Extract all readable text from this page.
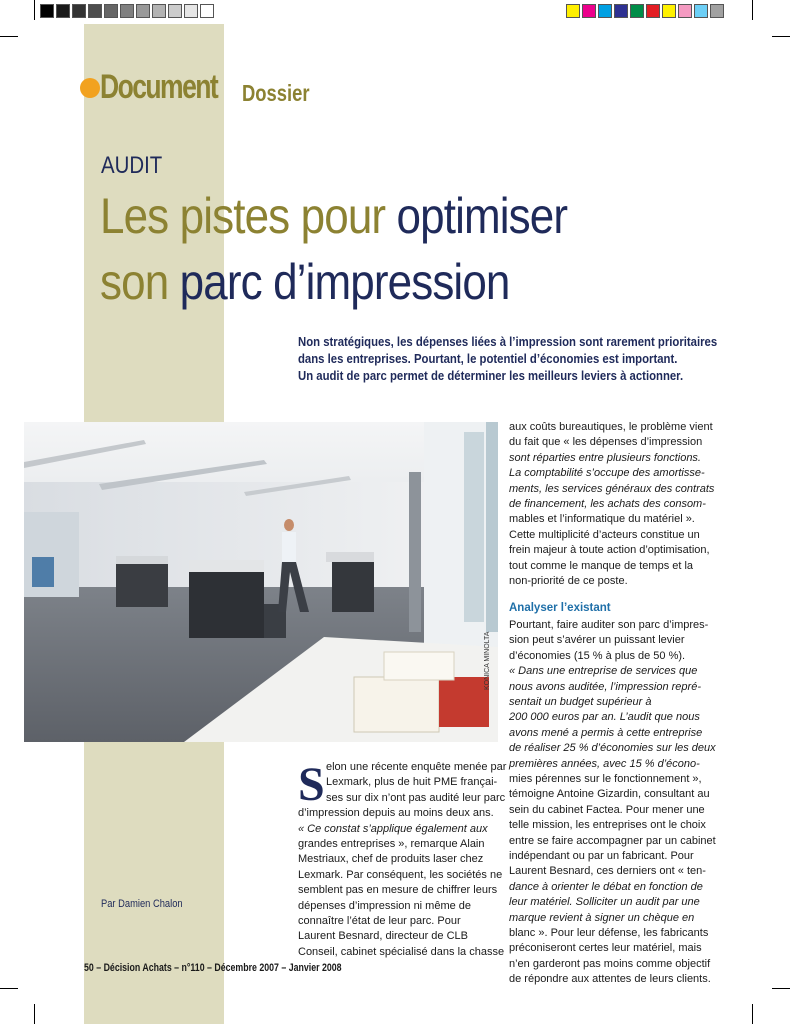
Document Dossier
AUDIT
Les pistes pour optimiser
son parc d’impression
Non stratégiques, les dépenses liées à l’impression sont rarement prioritaires
dans les entreprises. Pourtant, le potentiel d’économies est important.
Un audit de parc permet de déterminer les meilleurs leviers à actionner.
KONICA MINOLTA
S elon une récente enquête menée par

Lexmark, plus de huit PME françai-

ses sur dix n’ont pas audité leur parc

d’impression depuis au moins deux ans.

« Ce constat s’applique également aux

grandes entreprises », remarque Alain

Mestriaux, chef de produits laser chez

Lexmark. Par conséquent, les sociétés ne

semblent pas en mesure de chiffrer leurs

dépenses d’impression ni même de

connaître l’état de leur parc. Pour

Laurent Besnard, directeur de CLB

Conseil, cabinet spécialisé dans la chasse

aux coûts bureautiques, le problème vient

du fait que « les dépenses d’impression

sont réparties entre plusieurs fonctions.

La comptabilité s’occupe des amortisse-

ments, les services généraux des contrats

de financement, les achats des consom-

mables et l’informatique du matériel ».

Cette multiplicité d’acteurs constitue un

frein majeur à toute action d’optimisation,

tout comme le manque de temps et la

non-priorité de ce poste.

Analyser l’existant

Pourtant, faire auditer son parc d’impres-

sion peut s’avérer un puissant levier

d’économies (15 % à plus de 50 %).

« Dans une entreprise de services que

nous avons auditée, l’impression repré-

sentait un budget supérieur à

200 000 euros par an. L’audit que nous

avons mené a permis à cette entreprise

de réaliser 25 % d’économies sur les deux

premières années, avec 15 % d’écono-

mies pérennes sur le fonctionnement »,

témoigne Antoine Gizardin, consultant au

sein du cabinet Factea. Pour mener une

telle mission, les entreprises ont le choix

entre se faire accompagner par un cabinet

indépendant ou par un fabricant. Pour

Laurent Besnard, ces derniers ont « ten-

dance à orienter le débat en fonction de

leur matériel. Solliciter un audit par une

marque revient à signer un chèque en

blanc ». Pour leur défense, les fabricants

préconiseront certes leur matériel, mais

n’en garderont pas moins comme objectif

de répondre aux attentes de leurs clients.

Par Damien Chalon
50 – Décision Achats – n°110 – Décembre 2007 – Janvier 2008
